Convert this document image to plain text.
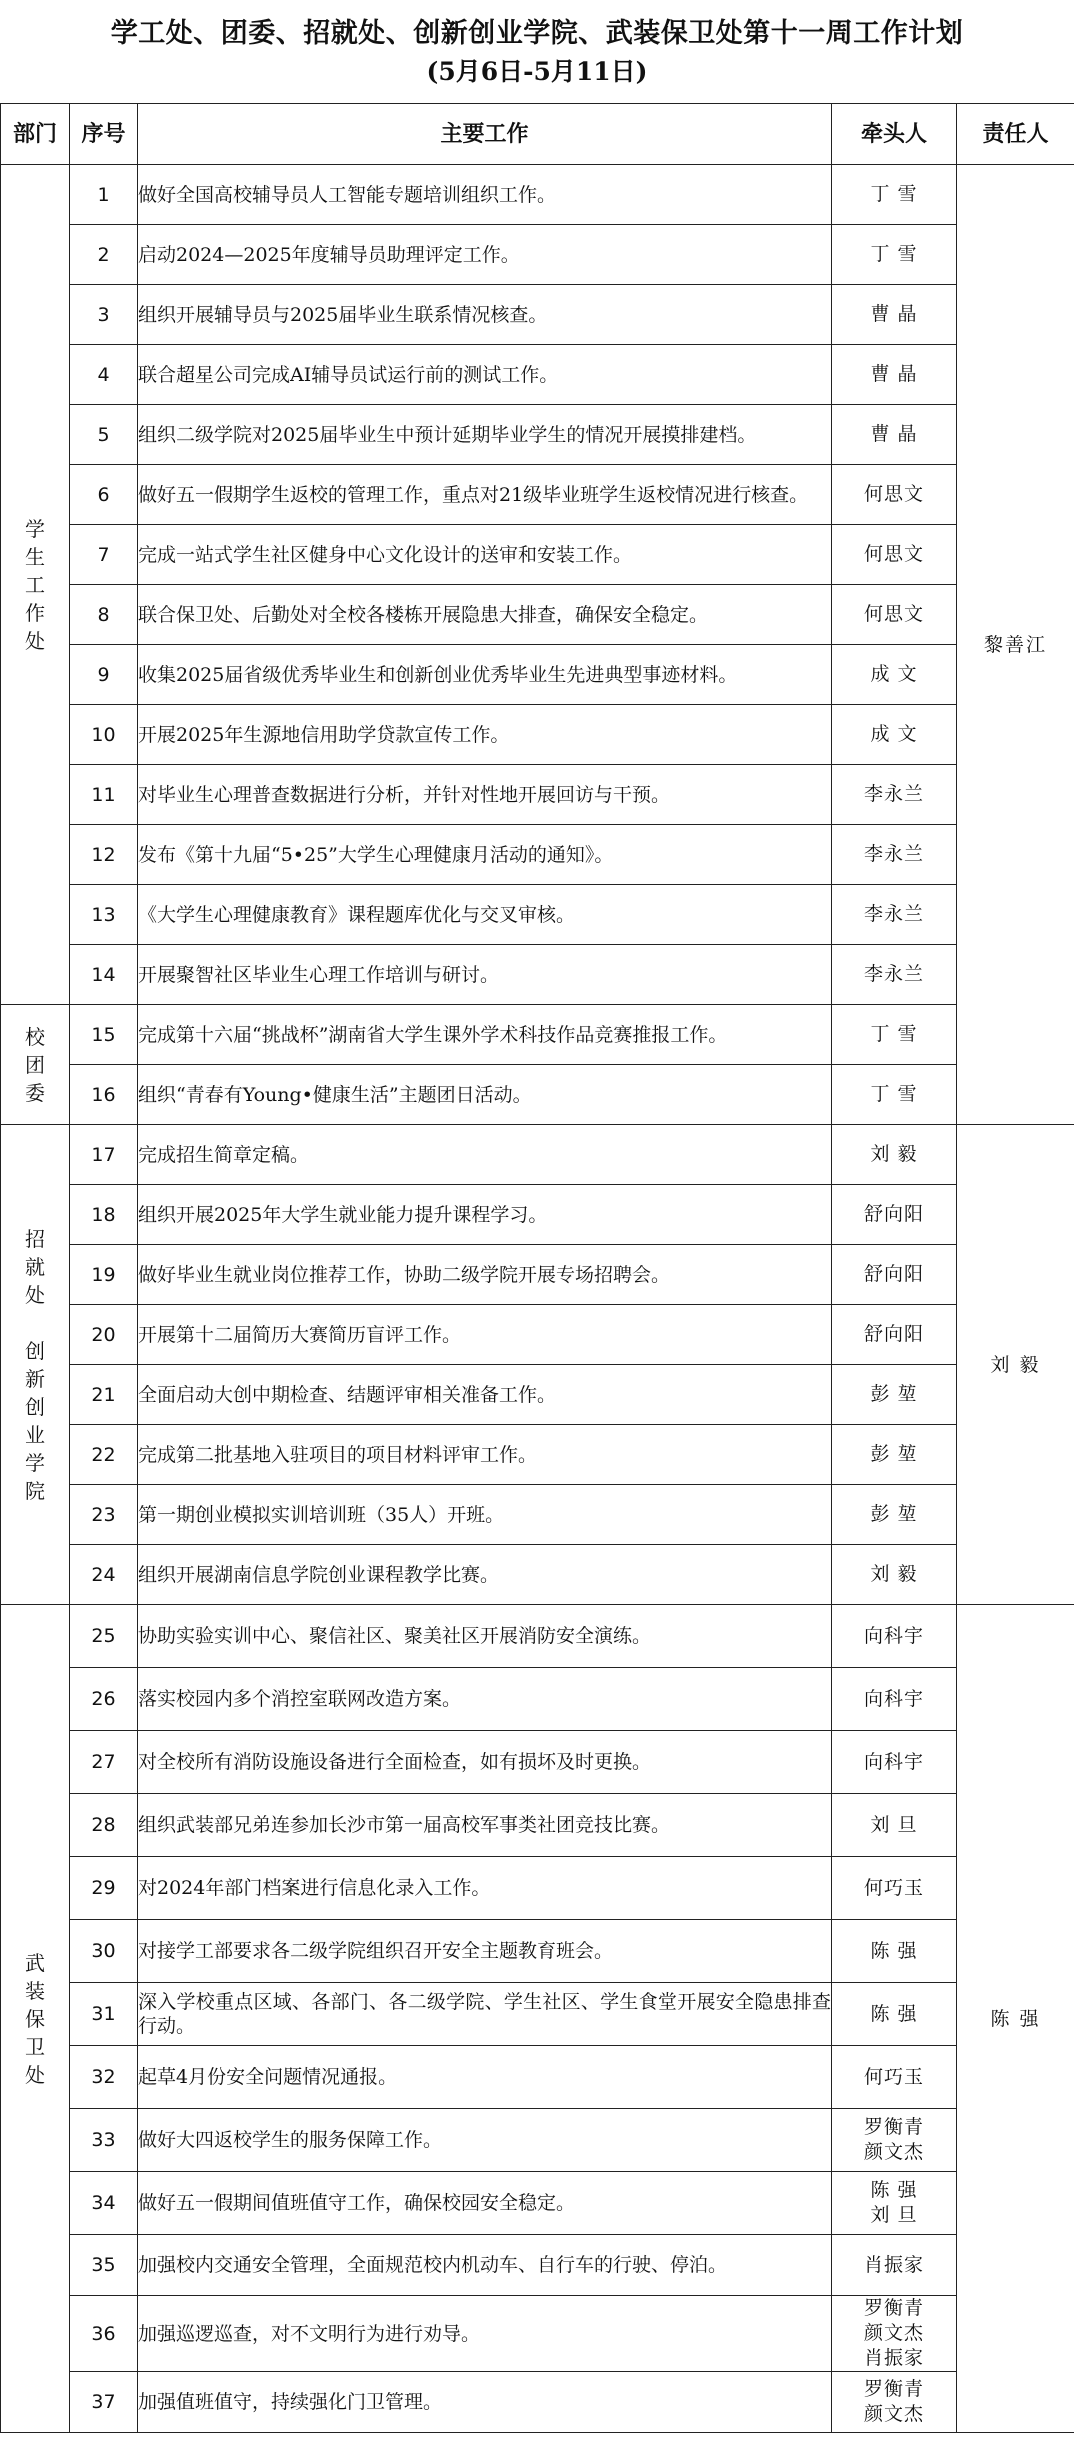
学工处、团委、招就处、创新创业学院、武装保卫处第十一周工作计划
(5月6日-5月11日)
部门	序号	主要工作	牵头人	责任人
学生工作处	1	做好全国高校辅导员人工智能专题培训组织工作。	丁 雪	黎善江
	2	启动2024—2025年度辅导员助理评定工作。	丁 雪	

	3	组织开展辅导员与2025届毕业生联系情况核查。	曹 晶	

	4	联合超星公司完成AI辅导员试运行前的测试工作。	曹 晶	

	5	组织二级学院对2025届毕业生中预计延期毕业学生的情况开展摸排建档。	曹 晶	

	6	做好五一假期学生返校的管理工作，重点对21级毕业班学生返校情况进行核查。	何思文	

	7	完成一站式学生社区健身中心文化设计的送审和安装工作。	何思文	

	8	联合保卫处、后勤处对全校各楼栋开展隐患大排查，确保安全稳定。	何思文	

	9	收集2025届省级优秀毕业生和创新创业优秀毕业生先进典型事迹材料。	成 文	

	10	开展2025年生源地信用助学贷款宣传工作。	成 文	

	11	对毕业生心理普查数据进行分析，并针对性地开展回访与干预。	李永兰	

	12	发布《第十九届“5•25”大学生心理健康月活动的通知》。	李永兰	

	13	《大学生心理健康教育》课程题库优化与交叉审核。	李永兰	

	14	开展聚智社区毕业生心理工作培训与研讨。	李永兰	

校团委	15	完成第十六届“挑战杯”湖南省大学生课外学术科技作品竞赛推报工作。	丁 雪	

	16	组织“青春有Young•健康生活”主题团日活动。	丁 雪	

招就处
创新创业学院	17	完成招生简章定稿。	刘 毅	刘 毅
	18	组织开展2025年大学生就业能力提升课程学习。	舒向阳	

	19	做好毕业生就业岗位推荐工作，协助二级学院开展专场招聘会。	舒向阳	

	20	开展第十二届简历大赛简历盲评工作。	舒向阳	

	21	全面启动大创中期检查、结题评审相关准备工作。	彭 堃	

	22	完成第二批基地入驻项目的项目材料评审工作。	彭 堃	

	23	第一期创业模拟实训培训班（35人）开班。	彭 堃	

	24	组织开展湖南信息学院创业课程教学比赛。	刘 毅	

武装保卫处	25	协助实验实训中心、聚信社区、聚美社区开展消防安全演练。	向科宇	陈 强
	26	落实校园内多个消控室联网改造方案。	向科宇	

	27	对全校所有消防设施设备进行全面检查，如有损坏及时更换。	向科宇	

	28	组织武装部兄弟连参加长沙市第一届高校军事类社团竞技比赛。	刘 旦	

	29	对2024年部门档案进行信息化录入工作。	何巧玉	

	30	对接学工部要求各二级学院组织召开安全主题教育班会。	陈 强	

	31	深入学校重点区域、各部门、各二级学院、学生社区、学生食堂开展安全隐患排查行动。	陈 强	

	32	起草4月份安全问题情况通报。	何巧玉	

	33	做好大四返校学生的服务保障工作。	罗衡青
颜文杰	

	34	做好五一假期间值班值守工作，确保校园安全稳定。	陈 强
刘 旦	

	35	加强校内交通安全管理，全面规范校内机动车、自行车的行驶、停泊。	肖振家	

	36	加强巡逻巡查，对不文明行为进行劝导。	罗衡青
颜文杰
肖振家	

	37	加强值班值守，持续强化门卫管理。	罗衡青
颜文杰	
